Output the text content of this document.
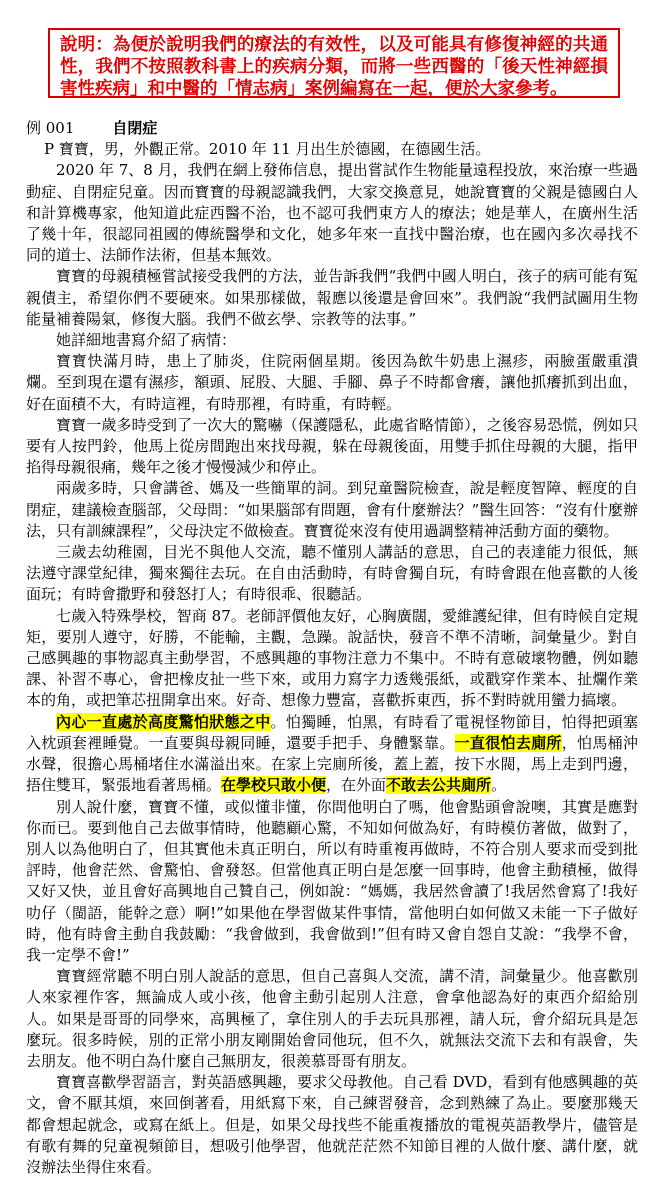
說明：為便於說明我們的療法的有效性，以及可能具有修復神經的共通性，我們不按照教科書上的疾病分類，而將一些西醫的「後天性神經損害性疾病」和中醫的「情志病」案例編寫在一起，便於大家參考。
例 001	自閉症

P 寶寶，男，外觀正常。2010 年 11 月出生於德國，在德國生活。

2020 年 7、8 月，我們在網上發佈信息，提出嘗試作生物能量遠程投放，來治療一些過動症、自閉症兒童。因而寶寶的母親認識我們，大家交換意見，她說寶寶的父親是德國白人和計算機專家，他知道此症西醫不治，也不認可我們東方人的療法；她是華人，在廣州生活了幾十年，很認同祖國的傳統醫學和文化，她多年來一直找中醫治療，也在國內多次尋找不同的道士、法師作法術，但基本無效。

寶寶的母親積極嘗試接受我們的方法，並告訴我們“我們中國人明白，孩子的病可能有冤親債主，希望你們不要硬來。如果那樣做，報應以後還是會回來”。我們說“我們試圖用生物能量補養陽氣，修復大腦。我們不做玄學、宗教等的法事。”

她詳細地書寫介紹了病情：

寶寶快滿月時，患上了肺炎，住院兩個星期。後因為飲牛奶患上濕疹，兩臉蛋嚴重潰爛。至到現在還有濕疹，額頭、屁股、大腿、手腳、鼻子不時都會癢，讓他抓癢抓到出血，好在面積不大，有時這裡，有時那裡，有時重，有時輕。

寶寶一歲多時受到了一次大的驚嚇（保護隱私，此處省略情節），之後容易恐慌，例如只要有人按門鈴，他馬上從房間跑出來找母親，躲在母親後面，用雙手抓住母親的大腿，指甲掐得母親很痛，幾年之後才慢慢減少和停止。

兩歲多時，只會講爸、媽及一些簡單的詞。到兒童醫院檢查，說是輕度智障、輕度的自閉症，建議檢查腦部，父母問：“如果腦部有問題，會有什麼辦法？”醫生回答：“沒有什麼辦法，只有訓練課程”，父母決定不做檢查。寶寶從來沒有使用過調整精神活動方面的藥物。

三歲去幼稚園，目光不與他人交流，聽不懂別人講話的意思，自己的表達能力很低，無法遵守課堂紀律，獨來獨往去玩。在自由活動時，有時會獨自玩，有時會跟在他喜歡的人後面玩；有時會撒野和發怒打人；有時很乖、很聽話。

七歲入特殊學校，智商 87。老師評價他友好，心胸廣闊，愛維護紀律，但有時候自定規矩，要別人遵守，好勝，不能輸，主觀，急躁。說話快，發音不準不清晰，詞彙量少。對自己感興趣的事物認真主動學習，不感興趣的事物注意力不集中。不時有意破壞物體，例如聽課、补習不專心，會把橡皮扯一些下來，或用力寫字力透幾張紙，或戳穿作業本、扯爛作業本的角，或把筆芯扭開拿出來。好奇、想像力豐富，喜歡拆東西，拆不對時就用蠻力搞壞。

內心一直處於高度驚怕狀態之中。怕獨睡，怕黑，有時看了電視怪物節目，怕得把頭塞入枕頭套裡睡覺。一直要與母親同睡，還要手把手、身體緊靠。一直很怕去廁所，怕馬桶沖水聲，很擔心馬桶堵住水滿溢出來。在家上完廁所後，蓋上蓋，按下水閥，馬上走到門邊，捂住雙耳，緊張地看著馬桶。在學校只敢小便，在外面不敢去公共廁所。

別人說什麼，寶寶不懂，或似懂非懂，你問他明白了嗎，他會點頭會說噢，其實是應對你而已。要到他自己去做事情時，他聽顧心驚，不知如何做為好，有時模仿著做，做對了，別人以為他明白了，但其實他未真正明白，所以有時重複再做時，不符合別人要求而受到批評時，他會茫然、會驚怕、會發怒。但當他真正明白是怎麼一回事時，他會主動積極，做得又好又快，並且會好高興地自己贊自己，例如說：“媽媽，我居然會讀了!我居然會寫了!我好叻仔（閩語，能幹之意）啊!”如果他在學習做某件事情，當他明白如何做又未能一下子做好時，他有時會主動自我鼓勵：“我會做到，我會做到!”但有時又會自怨自艾說：“我學不會，我一定學不會!”

寶寶經常聽不明白別人說話的意思，但自己喜與人交流，講不清，詞彙量少。他喜歡別人來家裡作客，無論成人或小孩，他會主動引起別人注意，會拿他認為好的東西介紹給別人。如果是哥哥的同學來，高興極了，拿住別人的手去玩具那裡，請人玩，會介紹玩具是怎麼玩。很多時候，別的正常小朋友剛開始會同他玩，但不久，就無法交流下去和有誤會，失去朋友。他不明白為什麼自己無朋友，很羨慕哥哥有朋友。

寶寶喜歡學習語言，對英語感興趣，要求父母教他。自己看 DVD，看到有他感興趣的英文，會不厭其煩，來回倒著看，用紙寫下來，自己練習發音，念到熟練了為止。要麼那幾天都會想起就念，或寫在紙上。但是，如果父母找些不能重複播放的電視英語教學片，儘管是有歌有舞的兒童視頻節目，想吸引他學習，他就茫茫然不知節目裡的人做什麼、講什麼，就沒辦法坐得住來看。
